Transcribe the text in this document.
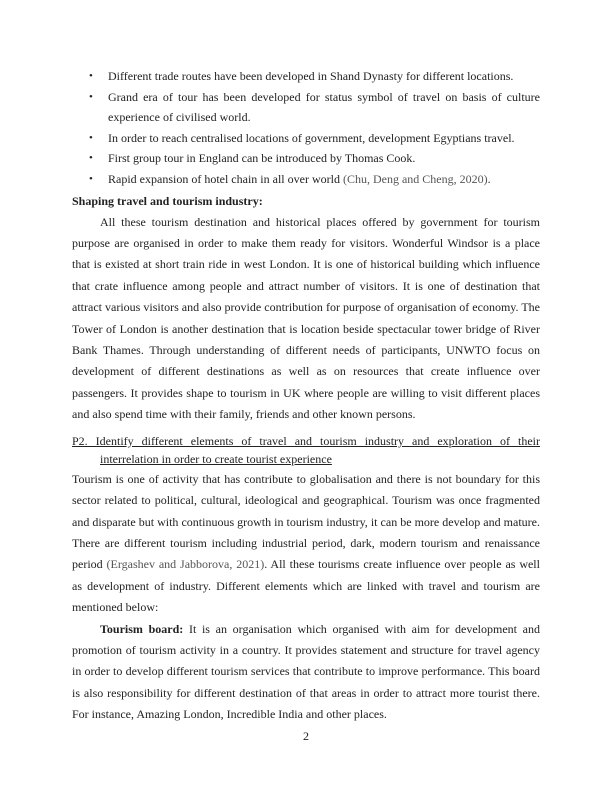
• Different trade routes have been developed in Shand Dynasty for different locations.
• Grand era of tour has been developed for status symbol of travel on basis of culture experience of civilised world.
• In order to reach centralised locations of government, development Egyptians travel.
• First group tour in England can be introduced by Thomas Cook.
• Rapid expansion of hotel chain in all over world (Chu, Deng and Cheng, 2020).
Shaping travel and tourism industry:

All these tourism destination and historical places offered by government for tourism purpose are organised in order to make them ready for visitors. Wonderful Windsor is a place that is existed at short train ride in west London. It is one of historical building which influence that crate influence among people and attract number of visitors. It is one of destination that attract various visitors and also provide contribution for purpose of organisation of economy. The Tower of London is another destination that is location beside spectacular tower bridge of River Bank Thames. Through understanding of different needs of participants, UNWTO focus on development of different destinations as well as on resources that create influence over passengers. It provides shape to tourism in UK where people are willing to visit different places and also spend time with their family, friends and other known persons.

P2. Identify different elements of travel and tourism industry and exploration of their interrelation in order to create tourist experience

Tourism is one of activity that has contribute to globalisation and there is not boundary for this sector related to political, cultural, ideological and geographical. Tourism was once fragmented and disparate but with continuous growth in tourism industry, it can be more develop and mature. There are different tourism including industrial period, dark, modern tourism and renaissance period (Ergashev and Jabborova, 2021). All these tourisms create influence over people as well as development of industry. Different elements which are linked with travel and tourism are mentioned below:

Tourism board: It is an organisation which organised with aim for development and promotion of tourism activity in a country. It provides statement and structure for travel agency in order to develop different tourism services that contribute to improve performance. This board is also responsibility for different destination of that areas in order to attract more tourist there. For instance, Amazing London, Incredible India and other places.

2
